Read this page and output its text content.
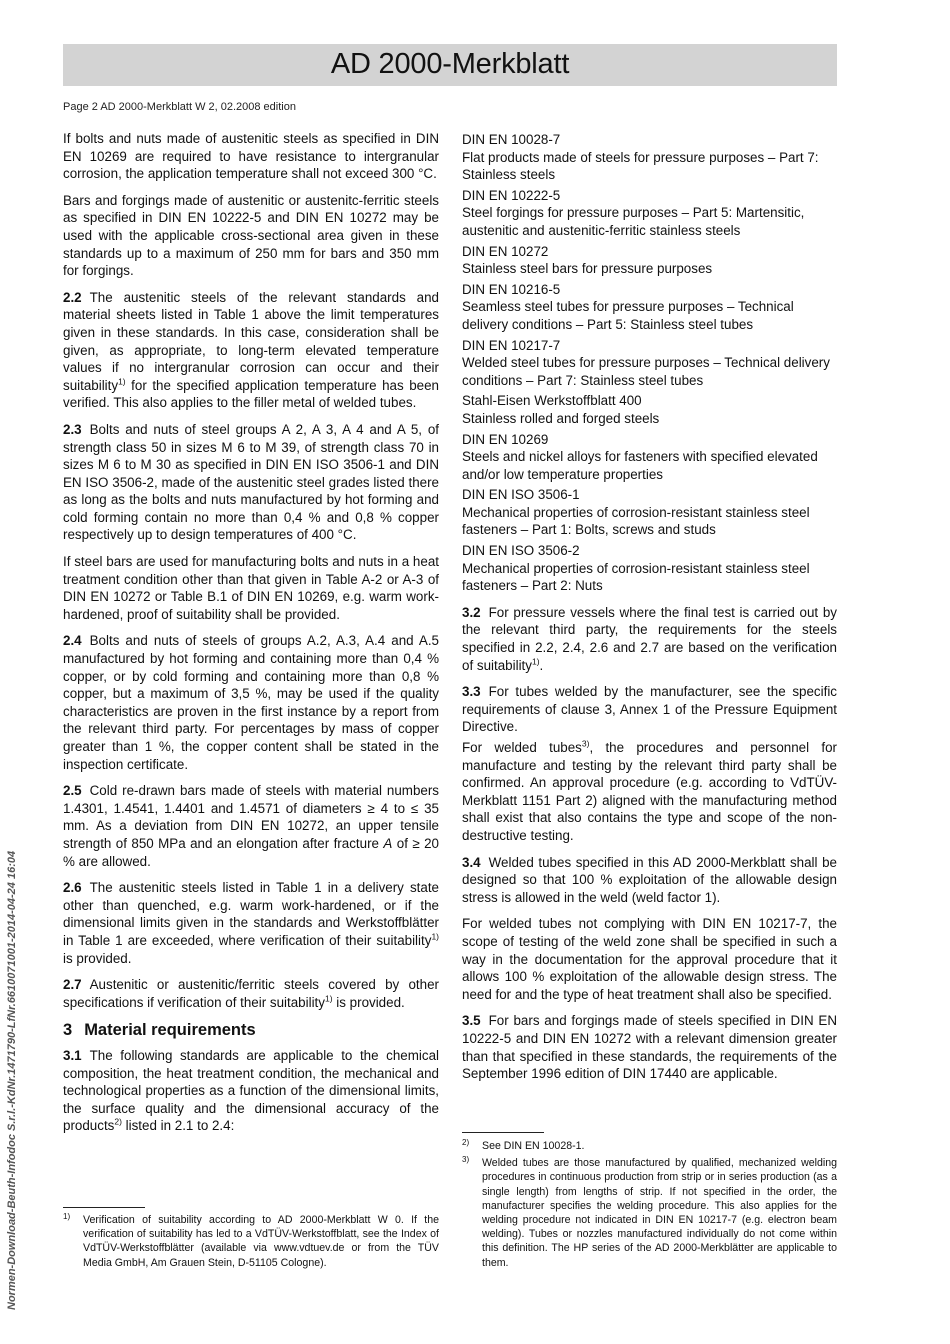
AD 2000-Merkblatt
Page 2 AD 2000-Merkblatt W 2, 02.2008 edition

If bolts and nuts made of austenitic steels as specified in DIN EN 10269 are required to have resistance to intergranular corrosion, the application temperature shall not exceed 300 °C.

Bars and forgings made of austenitic or austenitc-ferritic steels as specified in DIN EN 10222-5 and DIN EN 10272 may be used with the applicable cross-sectional area given in these standards up to a maximum of 250 mm for bars and 350 mm for forgings.

2.2 The austenitic steels of the relevant standards and material sheets listed in Table 1 above the limit temperatures given in these standards. In this case, consideration shall be given, as appropriate, to long-term elevated temperature values if no intergranular corrosion can occur and their suitability$^{1)}$ for the specified application temperature has been verified. This also applies to the filler metal of welded tubes.

2.3 Bolts and nuts of steel groups A 2, A 3, A 4 and A 5, of strength class 50 in sizes M 6 to M 39, of strength class 70 in sizes M 6 to M 30 as specified in DIN EN ISO 3506-1 and DIN EN ISO 3506-2, made of the austenitic steel grades listed there as long as the bolts and nuts manufactured by hot forming and cold forming contain no more than 0,4 % and 0,8 % copper respectively up to design temperatures of 400 °C.

If steel bars are used for manufacturing bolts and nuts in a heat treatment condition other than that given in Table A-2 or A-3 of DIN EN 10272 or Table B.1 of DIN EN 10269, e.g. warm work-hardened, proof of suitability shall be provided.

2.4 Bolts and nuts of steels of groups A.2, A.3, A.4 and A.5 manufactured by hot forming and containing more than 0,4 % copper, or by cold forming and containing more than 0,8 % copper, but a maximum of 3,5 %, may be used if the quality characteristics are proven in the first instance by a report from the relevant third party. For percentages by mass of copper greater than 1 %, the copper content shall be stated in the inspection certificate.

2.5 Cold re-drawn bars made of steels with material numbers 1.4301, 1.4541, 1.4401 and 1.4571 of diameters ≥ 4 to ≤ 35 mm. As a deviation from DIN EN 10272, an upper tensile strength of 850 MPa and an elongation after fracture A of ≥ 20 % are allowed.

2.6 The austenitic steels listed in Table 1 in a delivery state other than quenched, e.g. warm work-hardened, or if the dimensional limits given in the standards and Werkstoffblätter in Table 1 are exceeded, where verification of their suitability$^{1)}$ is provided.

2.7 Austenitic or austenitic/ferritic steels covered by other specifications if verification of their suitability$^{1)}$ is provided.

3 Material requirements

3.1 The following standards are applicable to the chemical composition, the heat treatment condition, the mechanical and technological properties as a function of the dimensional limits, the surface quality and the dimensional accuracy of the products$^{2)}$ listed in 2.1 to 2.4:

DIN EN 10028-7
Flat products made of steels for pressure purposes – Part 7: Stainless steels
DIN EN 10222-5
Steel forgings for pressure purposes – Part 5: Martensitic, austenitic and austenitic-ferritic stainless steels
DIN EN 10272
Stainless steel bars for pressure purposes
DIN EN 10216-5
Seamless steel tubes for pressure purposes – Technical delivery conditions – Part 5: Stainless steel tubes
DIN EN 10217-7
Welded steel tubes for pressure purposes – Technical delivery conditions – Part 7: Stainless steel tubes
Stahl-Eisen Werkstoffblatt 400
Stainless rolled and forged steels
DIN EN 10269
Steels and nickel alloys for fasteners with specified elevated and/or low temperature properties
DIN EN ISO 3506-1
Mechanical properties of corrosion-resistant stainless steel fasteners – Part 1: Bolts, screws and studs
DIN EN ISO 3506-2
Mechanical properties of corrosion-resistant stainless steel fasteners – Part 2: Nuts

3.2 For pressure vessels where the final test is carried out by the relevant third party, the requirements for the steels specified in 2.2, 2.4, 2.6 and 2.7 are based on the verification of suitability$^{1)}$.

3.3 For tubes welded by the manufacturer, see the specific requirements of clause 3, Annex 1 of the Pressure Equipment Directive.

For welded tubes$^{3)}$, the procedures and personnel for manufacture and testing by the relevant third party shall be confirmed. An approval procedure (e.g. according to VdTÜV-Merkblatt 1151 Part 2) aligned with the manufacturing method shall exist that also contains the type and scope of the non-destructive testing.

3.4 Welded tubes specified in this AD 2000-Merkblatt shall be designed so that 100 % exploitation of the allowable design stress is allowed in the weld (weld factor 1).

For welded tubes not complying with DIN EN 10217-7, the scope of testing of the weld zone shall be specified in such a way in the documentation for the approval procedure that it allows 100 % exploitation of the allowable design stress. The need for and the type of heat treatment shall also be specified.

3.5 For bars and forgings made of steels specified in DIN EN 10222-5 and DIN EN 10272 with a relevant dimension greater than that specified in these standards, the requirements of the September 1996 edition of DIN 17440 are applicable.

1)	Verification of suitability according to AD 2000-Merkblatt W 0. If the verification of suitability has led to a VdTÜV-Werkstoffblatt, see the Index of VdTÜV-Werkstoffblätter (available via www.vdtuev.de or from the TÜV Media GmbH, Am Grauen Stein, D-51105 Cologne).
2)	See DIN EN 10028-1.
3)	Welded tubes are those manufactured by qualified, mechanized welding procedures in continuous production from strip or in series production (as a single length) from lengths of strip. If not specified in the order, the manufacturer specifies the welding procedure. This also applies for the welding procedure not indicated in DIN EN 10217-7 (e.g. electron beam welding). Tubes or nozzles manufactured individually do not come within this definition. The HP series of the AD 2000-Merkblätter are applicable to them.
Normen-Download-Beuth-Infodoc S.r.l.-KdNr.1471790-LfNr.6610071001-2014-04-24 16:04
